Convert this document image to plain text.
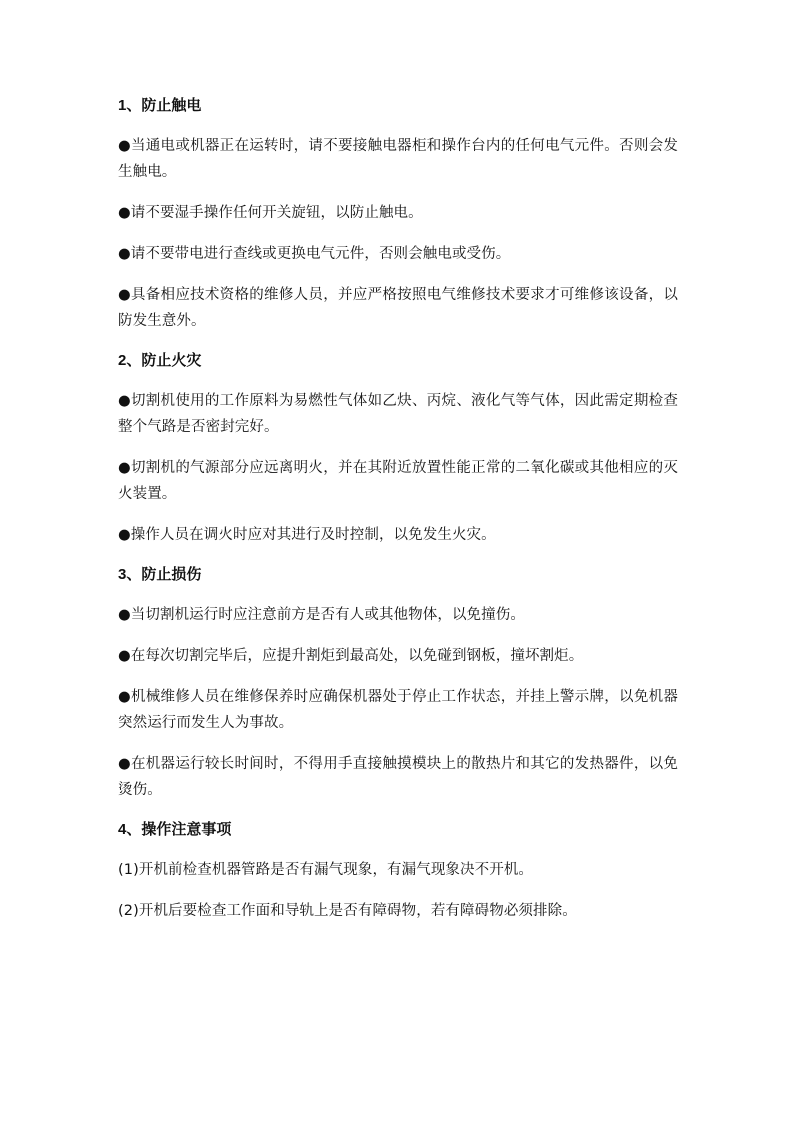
1、防止触电

●当通电或机器正在运转时，请不要接触电器柜和操作台内的任何电气元件。否则会发生触电。

●请不要湿手操作任何开关旋钮，以防止触电。

●请不要带电进行查线或更换电气元件，否则会触电或受伤。

●具备相应技术资格的维修人员，并应严格按照电气维修技术要求才可维修该设备，以防发生意外。

2、防止火灾

●切割机使用的工作原料为易燃性气体如乙炔、丙烷、液化气等气体，因此需定期检查整个气路是否密封完好。

●切割机的气源部分应远离明火，并在其附近放置性能正常的二氧化碳或其他相应的灭火装置。

●操作人员在调火时应对其进行及时控制，以免发生火灾。

3、防止损伤

●当切割机运行时应注意前方是否有人或其他物体，以免撞伤。

●在每次切割完毕后，应提升割炬到最高处，以免碰到钢板，撞坏割炬。

●机械维修人员在维修保养时应确保机器处于停止工作状态，并挂上警示牌，以免机器突然运行而发生人为事故。

●在机器运行较长时间时，不得用手直接触摸模块上的散热片和其它的发热器件，以免烫伤。

4、操作注意事项

(1)开机前检查机器管路是否有漏气现象，有漏气现象决不开机。

(2)开机后要检查工作面和导轨上是否有障碍物，若有障碍物必须排除。
